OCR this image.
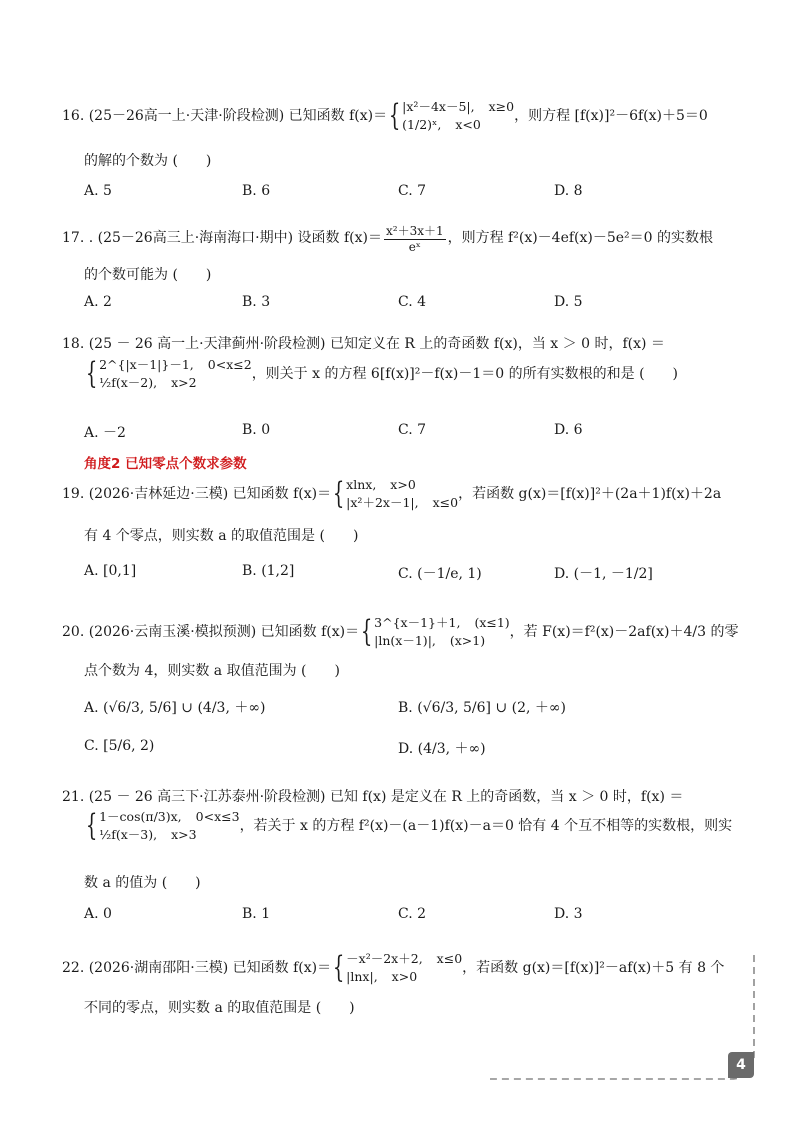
16. (25－26高一上·天津·阶段检测) 已知函数 f(x)＝{ |x²－4x－5|, x≥0
(1/2)ˣ, x<0
，则方程 [f(x)]²－6f(x)＋5＝0
的解的个数为 (　　)
A. 5	B. 6	C. 7	D. 8
17. . (25－26高三上·海南海口·期中) 设函数 $f(x)= \frac{\text{x²＋3x＋1}}{\text{eˣ}}$ ，则方程 f²(x)－4ef(x)－5e²＝0 的实数根
的个数可能为 (　　)
A. 2	B. 3	C. 4	D. 5
18. (25 － 26 高一上·天津蓟州·阶段检测) 已知定义在 R 上的奇函数 f(x)，当 x ＞ 0 时，f(x) ＝
{ 2^{|x－1|}－1, 0<x≤2
½f(x－2), x>2
，则关于 x 的方程 6[f(x)]²－f(x)－1＝0 的所有实数根的和是 (　　)
A. －2	B. 0	C. 7	D. 6
角度2 已知零点个数求参数
19. (2026·吉林延边·三模) 已知函数 f(x)＝{ xlnx, x>0
|x²＋2x－1|, x≤0
，若函数 g(x)＝[f(x)]²＋(2a＋1)f(x)＋2a
有 4 个零点，则实数 a 的取值范围是 (　　)
A. [0,1]	B. (1,2]	C. (－1/e, 1)	D. (－1, －1/2]
20. (2026·云南玉溪·模拟预测) 已知函数 f(x)＝{ 3^{x－1}＋1, (x≤1)
|ln(x－1)|, (x>1)
，若 F(x)＝f²(x)－2af(x)＋4/3 的零
点个数为 4，则实数 a 取值范围为 (　　)
A. (√6/3, 5/6] ∪ (4/3, ＋∞)	B. (√6/3, 5/6] ∪ (2, ＋∞)
C. [5/6, 2)	D. (4/3, ＋∞)
21. (25 － 26 高三下·江苏泰州·阶段检测) 已知 f(x) 是定义在 R 上的奇函数，当 x ＞ 0 时，f(x) ＝
{ 1－cos(π/3)x, 0<x≤3
½f(x－3), x>3
，若关于 x 的方程 f²(x)－(a－1)f(x)－a＝0 恰有 4 个互不相等的实数根，则实
数 a 的值为 (　　)
A. 0	B. 1	C. 2	D. 3
22. (2026·湖南邵阳·三模) 已知函数 f(x)＝{ －x²－2x＋2, x≤0
|lnx|, x>0
，若函数 g(x)＝[f(x)]²－af(x)＋5 有 8 个
不同的零点，则实数 a 的取值范围是 (　　)
4
